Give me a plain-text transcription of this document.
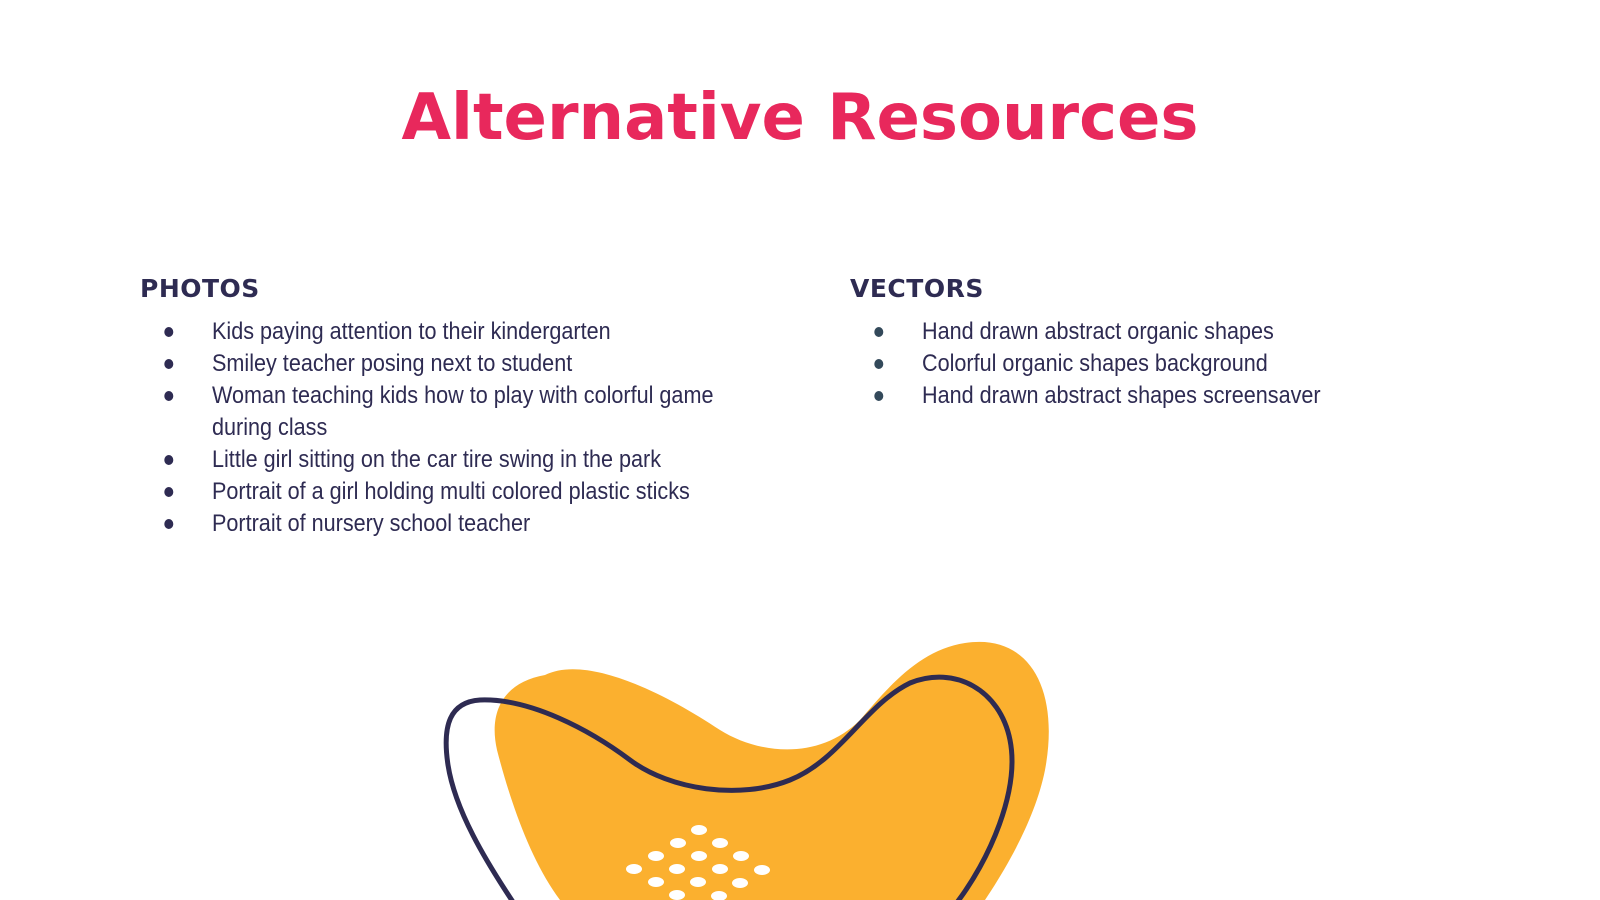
Alternative Resources
PHOTOS
Kids paying attention to their kindergarten
Smiley teacher posing next to student
Woman teaching kids how to play with colorful game during class
Little girl sitting on the car tire swing in the park
Portrait of a girl holding multi colored plastic sticks
Portrait of nursery school teacher
VECTORS
Hand drawn abstract organic shapes
Colorful organic shapes background
Hand drawn abstract shapes screensaver
